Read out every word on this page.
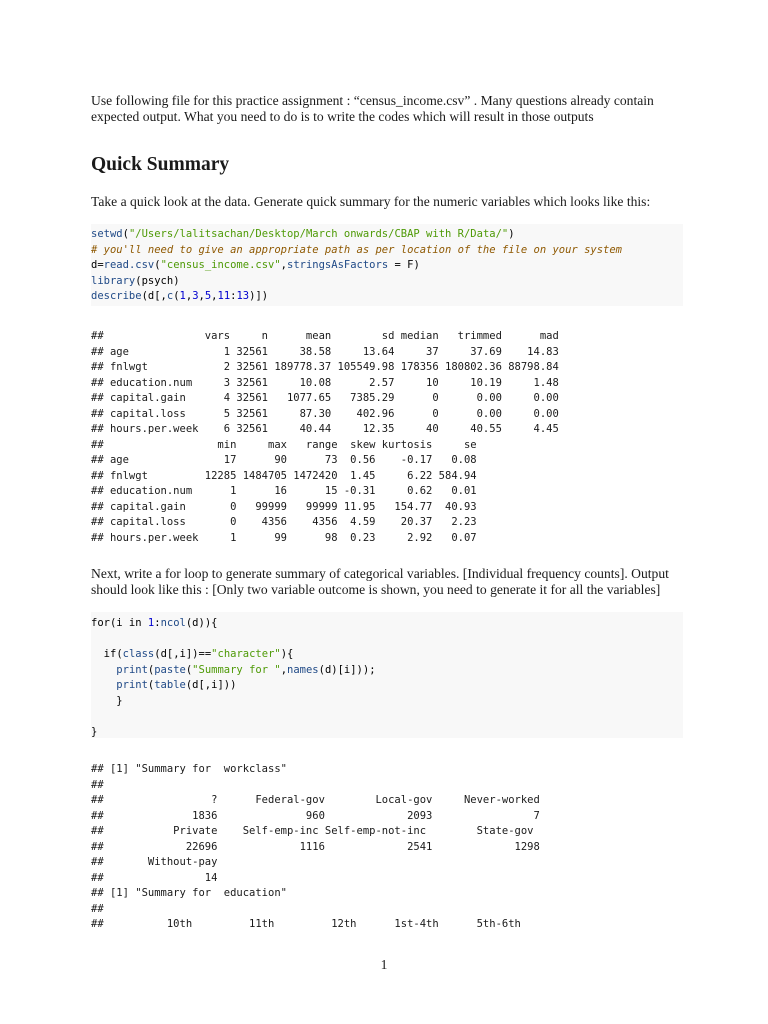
Use following file for this practice assignment : “census_income.csv” . Many questions already contain expected output. What you need to do is to write the codes which will result in those outputs

Quick Summary

Take a quick look at the data. Generate quick summary for the numeric variables which looks like this:

setwd("/Users/lalitsachan/Desktop/March onwards/CBAP with R/Data/")
# you'll need to give an appropriate path as per location of the file on your system
d=read.csv("census_income.csv",stringsAsFactors = F)
library(psych)
describe(d[,c(1,3,5,11:13)])
##                vars     n      mean        sd median   trimmed      mad
## age               1 32561     38.58     13.64     37     37.69    14.83
## fnlwgt            2 32561 189778.37 105549.98 178356 180802.36 88798.84
## education.num     3 32561     10.08      2.57     10     10.19     1.48
## capital.gain      4 32561   1077.65   7385.29      0      0.00     0.00
## capital.loss      5 32561     87.30    402.96      0      0.00     0.00
## hours.per.week    6 32561     40.44     12.35     40     40.55     4.45
##                  min     max   range  skew kurtosis     se
## age               17      90      73  0.56    -0.17   0.08
## fnlwgt         12285 1484705 1472420  1.45     6.22 584.94
## education.num      1      16      15 -0.31     0.62   0.01
## capital.gain       0   99999   99999 11.95   154.77  40.93
## capital.loss       0    4356    4356  4.59    20.37   2.23
## hours.per.week     1      99      98  0.23     2.92   0.07

Next, write a for loop to generate summary of categorical variables. [Individual frequency counts]. Output should look like this : [Only two variable outcome is shown, you need to generate it for all the variables]

for(i in 1:ncol(d)){

if(class(d[,i])=="character"){
print(paste("Summary for ",names(d)[i]));
print(table(d[,i]))
}

}
## [1] "Summary for  workclass"
##
##                 ?      Federal-gov        Local-gov     Never-worked
##              1836              960             2093                7
##           Private    Self-emp-inc Self-emp-not-inc        State-gov
##             22696             1116             2541             1298
##       Without-pay
##                14
## [1] "Summary for  education"
##
##          10th         11th         12th      1st-4th      5th-6th
1
